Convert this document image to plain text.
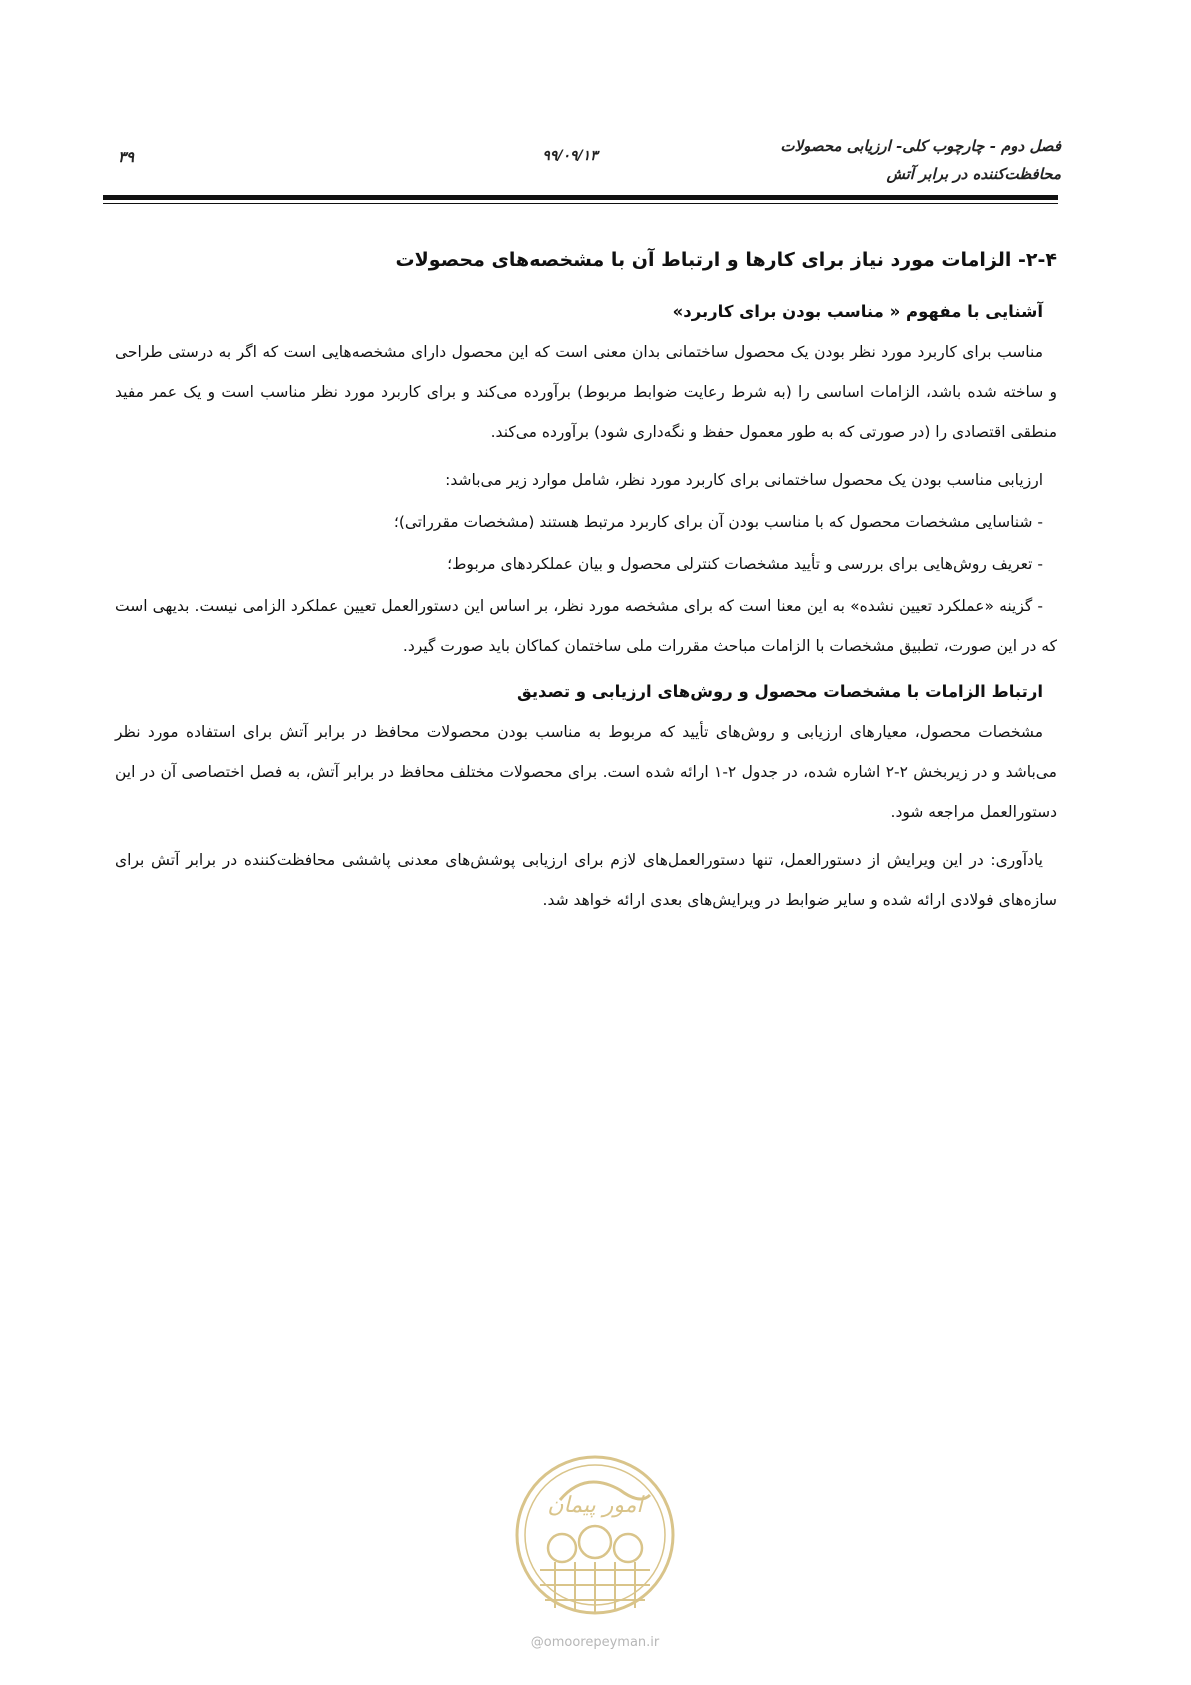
فصل دوم - چارچوب کلی- ارزیابی محصولات
محافظت‌کننده در برابر آتش
۹۹/۰۹/۱۳
۳۹
۲-۴- الزامات مورد نیاز برای کارها و ارتباط آن با مشخصه‌های محصولات
آشنایی با مفهوم « مناسب بودن برای کاربرد»

مناسب برای کاربرد مورد نظر بودن یک محصول ساختمانی بدان معنی است که این محصول دارای مشخصه‌هایی است که اگر به درستی طراحی و ساخته شده باشد، الزامات اساسی را (به شرط رعایت ضوابط مربوط) برآورده می‌کند و برای کاربرد مورد نظر مناسب است و یک عمر مفید منطقی اقتصادی را (در صورتی که به طور معمول حفظ و نگه‌داری شود) برآورده می‌کند.

ارزیابی مناسب بودن یک محصول ساختمانی برای کاربرد مورد نظر، شامل موارد زیر می‌باشد:

- شناسایی مشخصات محصول که با مناسب بودن آن برای کاربرد مرتبط هستند (مشخصات مقرراتی)؛

- تعریف روش‌هایی برای بررسی و تأیید مشخصات کنترلی محصول و بیان عملکردهای مربوط؛

- گزینه «عملکرد تعیین نشده» به این معنا است که برای مشخصه مورد نظر، بر اساس این دستورالعمل تعیین عملکرد الزامی نیست. بدیهی است که در این صورت، تطبیق مشخصات با الزامات مباحث مقررات ملی ساختمان کماکان باید صورت گیرد.

ارتباط الزامات با مشخصات محصول و روش‌های ارزیابی و تصدیق

مشخصات محصول، معیارهای ارزیابی و روش‌های تأیید که مربوط به مناسب بودن محصولات محافظ در برابر آتش برای استفاده مورد نظر می‌باشد و در زیربخش ۲-۲ اشاره شده، در جدول ۲-۱ ارائه شده است. برای محصولات مختلف محافظ در برابر آتش، به فصل اختصاصی آن در این دستورالعمل مراجعه شود.

یادآوری: در این ویرایش از دستورالعمل، تنها دستورالعمل‌های لازم برای ارزیابی پوشش‌های معدنی پاششی محافظت‌کننده در برابر آتش برای سازه‌های فولادی ارائه شده و سایر ضوابط در ویرایش‌های بعدی ارائه خواهد شد.

امور پیمان
@omoorepeyman.ir
